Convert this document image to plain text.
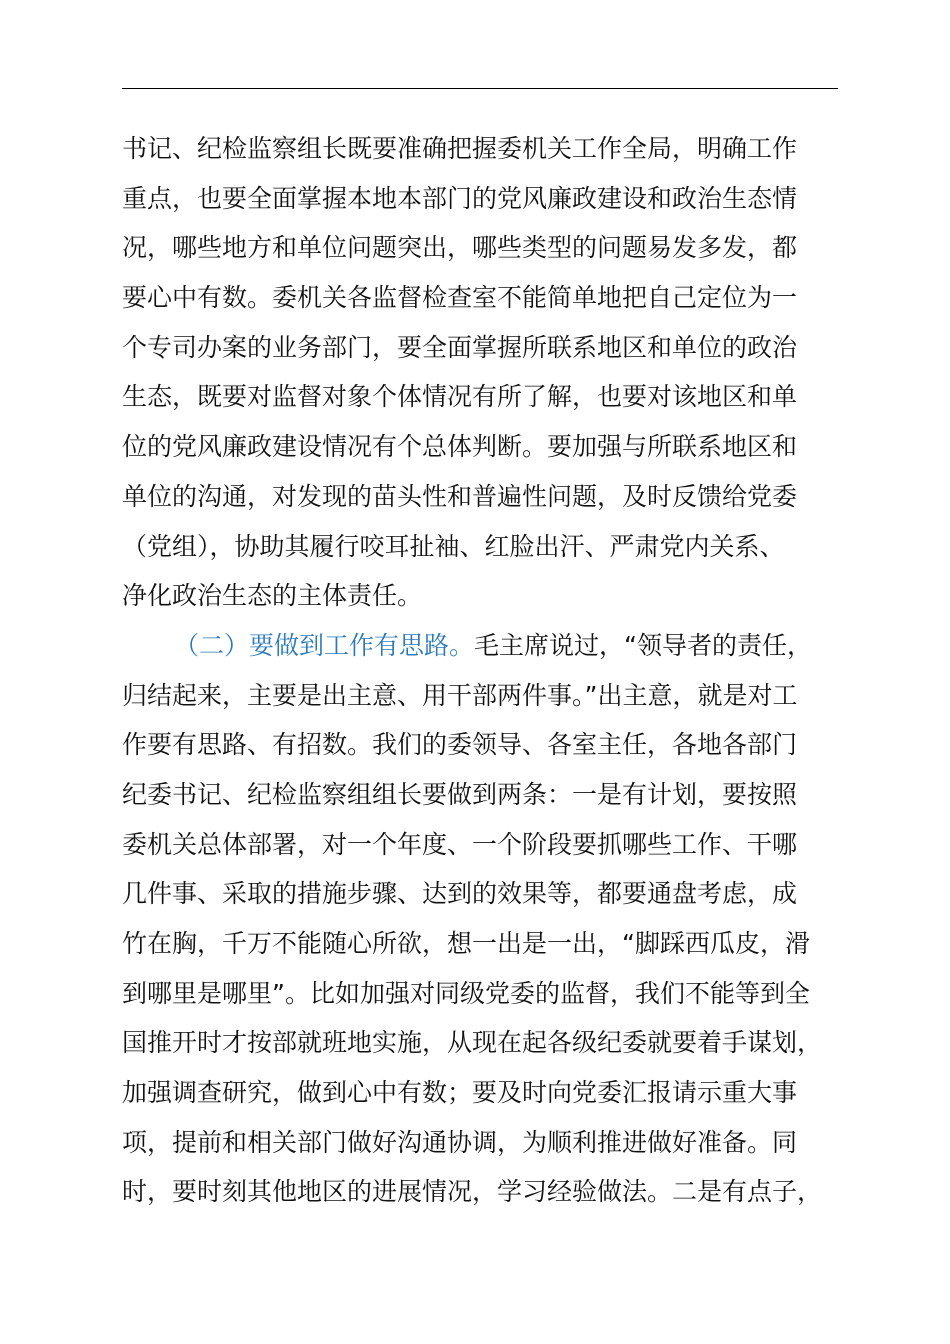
书记、纪检监察组长既要准确把握委机关工作全局，明确工作
重点，也要全面掌握本地本部门的党风廉政建设和政治生态情
况，哪些地方和单位问题突出，哪些类型的问题易发多发，都
要心中有数。委机关各监督检查室不能简单地把自己定位为一
个专司办案的业务部门，要全面掌握所联系地区和单位的政治
生态，既要对监督对象个体情况有所了解，也要对该地区和单
位的党风廉政建设情况有个总体判断。要加强与所联系地区和
单位的沟通，对发现的苗头性和普遍性问题，及时反馈给党委
（党组），协助其履行咬耳扯袖、红脸出汗、严肃党内关系、
净化政治生态的主体责任。
（二）要做到工作有思路。毛主席说过，“领导者的责任，
归结起来，主要是出主意、用干部两件事。”出主意，就是对工
作要有思路、有招数。我们的委领导、各室主任，各地各部门
纪委书记、纪检监察组组长要做到两条：一是有计划，要按照
委机关总体部署，对一个年度、一个阶段要抓哪些工作、干哪
几件事、采取的措施步骤、达到的效果等，都要通盘考虑，成
竹在胸，千万不能随心所欲，想一出是一出，“脚踩西瓜皮，滑
到哪里是哪里”。比如加强对同级党委的监督，我们不能等到全
国推开时才按部就班地实施，从现在起各级纪委就要着手谋划，
加强调查研究，做到心中有数；要及时向党委汇报请示重大事
项，提前和相关部门做好沟通协调，为顺利推进做好准备。同
时，要时刻其他地区的进展情况，学习经验做法。二是有点子，
